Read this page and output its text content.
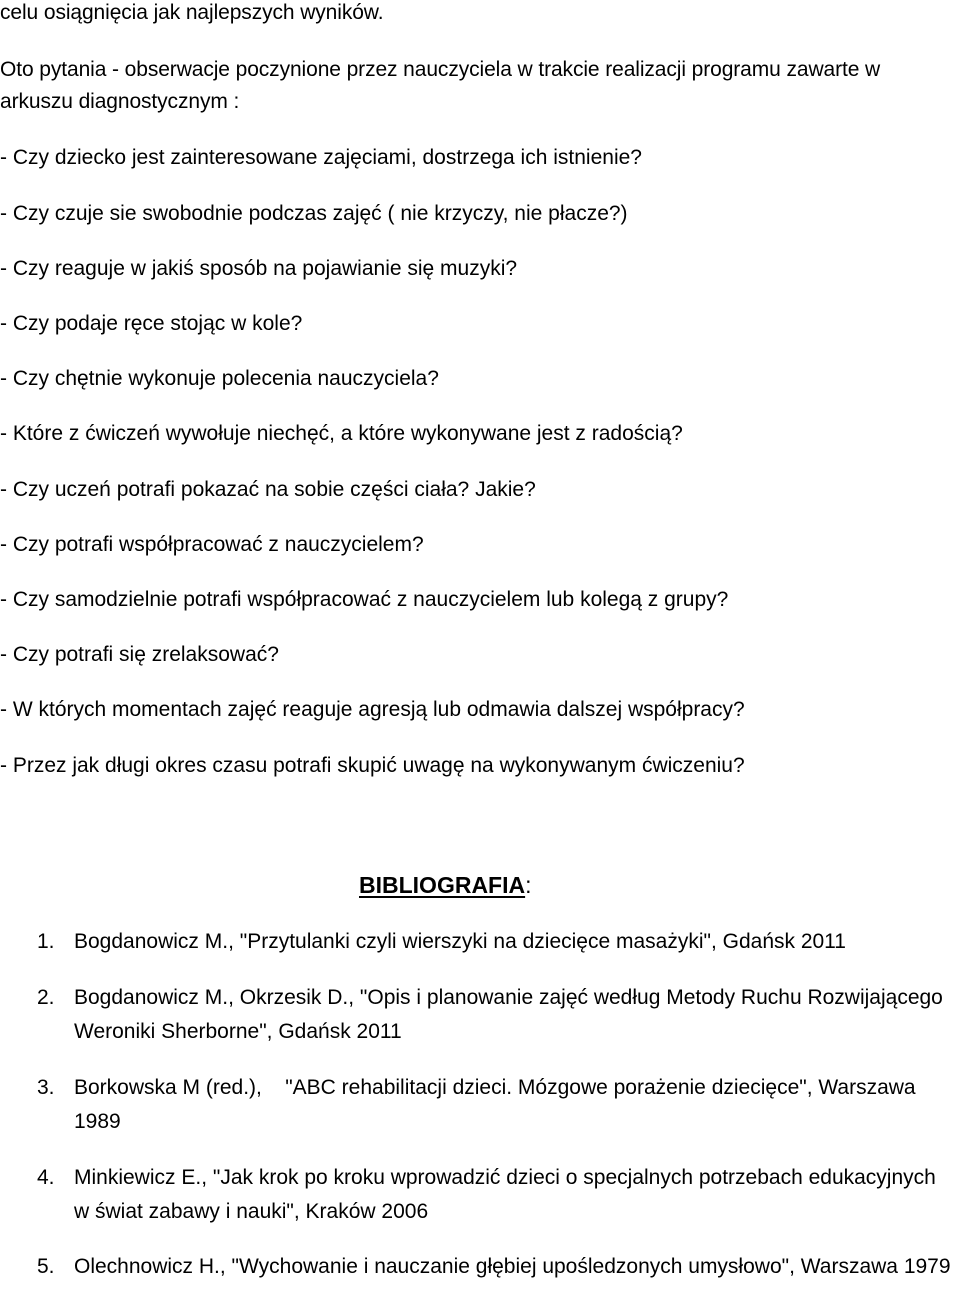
celu osiągnięcia jak najlepszych wyników.
Oto pytania - obserwacje poczynione przez nauczyciela w trakcie realizacji programu zawarte w
arkuszu diagnostycznym :
- Czy dziecko jest zainteresowane zajęciami, dostrzega ich istnienie?
- Czy czuje sie swobodnie podczas zajęć ( nie krzyczy, nie płacze?)
- Czy reaguje w jakiś sposób na pojawianie się muzyki?
- Czy podaje ręce stojąc w kole?
- Czy chętnie wykonuje polecenia nauczyciela?
- Które z ćwiczeń wywołuje niechęć, a które wykonywane jest z radością?
- Czy uczeń potrafi pokazać na sobie części ciała? Jakie?
- Czy potrafi współpracować z nauczycielem?
- Czy samodzielnie potrafi współpracować z nauczycielem lub kolegą z grupy?
- Czy potrafi się zrelaksować?
- W których momentach zajęć reaguje agresją lub odmawia dalszej współpracy?
- Przez jak długi okres czasu potrafi skupić uwagę na wykonywanym ćwiczeniu?
BIBLIOGRAFIA:
1. Bogdanowicz M., "Przytulanki czyli wierszyki na dziecięce masażyki", Gdańsk 2011
2. Bogdanowicz M., Okrzesik D., "Opis i planowanie zajęć według Metody Ruchu Rozwijającego Weroniki Sherborne", Gdańsk 2011
3. Borkowska M (red.),    "ABC rehabilitacji dzieci. Mózgowe porażenie dziecięce", Warszawa 1989
4. Minkiewicz E., "Jak krok po kroku wprowadzić dzieci o specjalnych potrzebach edukacyjnych w świat zabawy i nauki", Kraków 2006
5. Olechnowicz H., "Wychowanie i nauczanie głębiej upośledzonych umysłowo", Warszawa 1979
